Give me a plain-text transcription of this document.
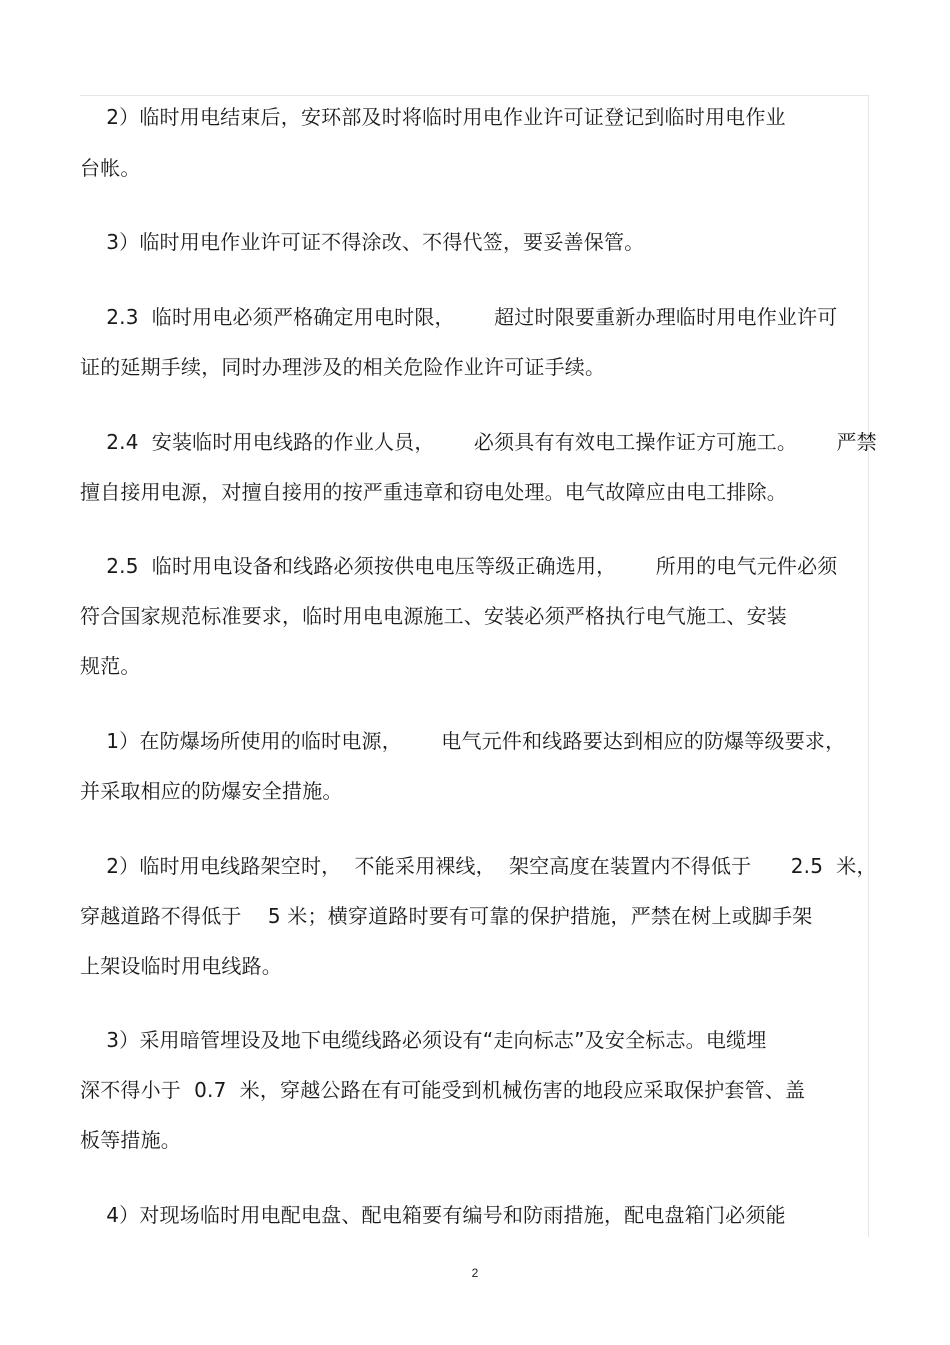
2）临时用电结束后，安环部及时将临时用电作业许可证登记到临时用电作业
台帐。
3）临时用电作业许可证不得涂改、不得代签，要妥善保管。
2.3  临时用电必须严格确定用电时限，      超过时限要重新办理临时用电作业许可
证的延期手续，同时办理涉及的相关危险作业许可证手续。
2.4  安装临时用电线路的作业人员，      必须具有有效电工操作证方可施工。      严禁
擅自接用电源，对擅自接用的按严重违章和窃电处理。电气故障应由电工排除。
2.5  临时用电设备和线路必须按供电电压等级正确选用，      所用的电气元件必须
符合国家规范标准要求，临时用电电源施工、安装必须严格执行电气施工、安装
规范。
1）在防爆场所使用的临时电源，      电气元件和线路要达到相应的防爆等级要求，
并采取相应的防爆安全措施。
2）临时用电线路架空时，  不能采用裸线，  架空高度在装置内不得低于      2.5  米，
穿越道路不得低于    5 米；横穿道路时要有可靠的保护措施，严禁在树上或脚手架
上架设临时用电线路。
3）采用暗管埋设及地下电缆线路必须设有“走向标志”及安全标志。电缆埋
深不得小于  0.7  米，穿越公路在有可能受到机械伤害的地段应采取保护套管、盖
板等措施。
4）对现场临时用电配电盘、配电箱要有编号和防雨措施，配电盘箱门必须能
2
